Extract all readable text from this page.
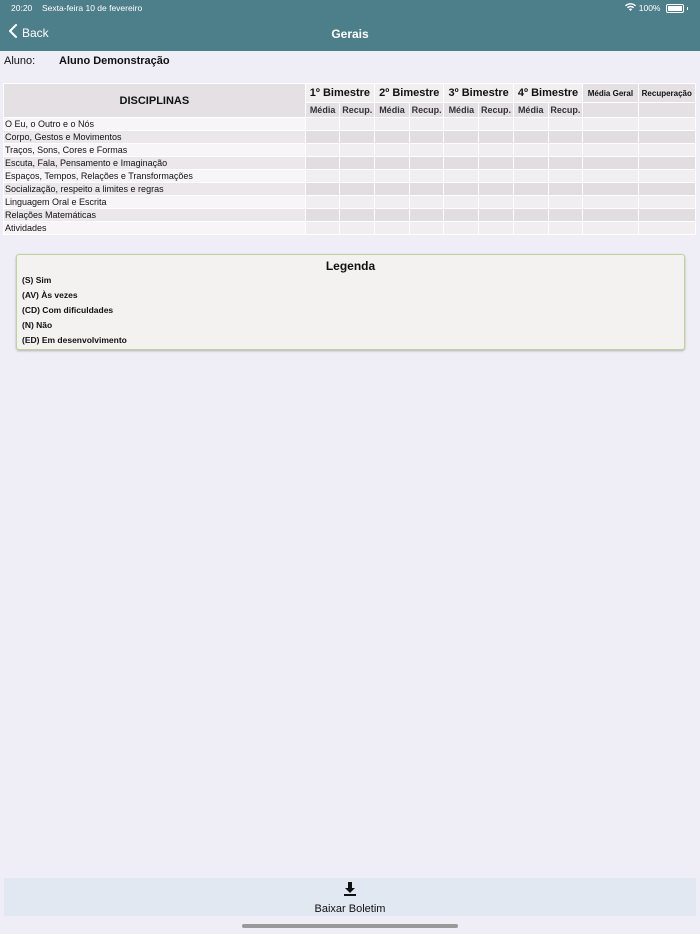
20:20 Sexta-feira 10 de fevereiro	100%
Back	Gerais
Aluno: Aluno Demonstração
DISCIPLINAS	1º Bimestre		2º Bimestre		3º Bimestre		4º Bimestre		Média Geral	Recuperação
	Média	Recup.	Média	Recup.	Média	Recup.	Média	Recup.		
O Eu, o Outro e o Nós										
Corpo, Gestos e Movimentos										
Traços, Sons, Cores e Formas										
Escuta, Fala, Pensamento e Imaginação										
Espaços, Tempos, Relações e Transformações										
Socialização, respeito a limites e regras										
Linguagem Oral e Escrita										
Relações Matemáticas										
Atividades										
Legenda
(S) Sim
(AV) Às vezes
(CD) Com dificuldades
(N) Não
(ED) Em desenvolvimento
Baixar Boletim
